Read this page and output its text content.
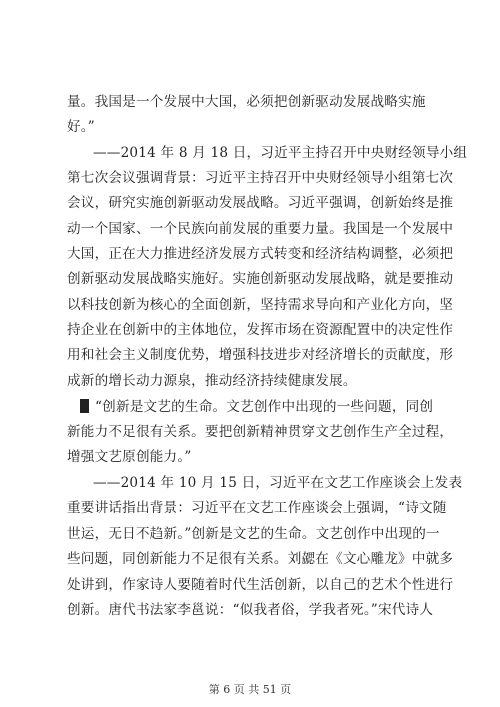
量。我国是一个发展中大国，必须把创新驱动发展战略实施
好。”
——2014 年 8 月 18 日，习近平主持召开中央财经领导小组
第七次会议强调背景：习近平主持召开中央财经领导小组第七次
会议，研究实施创新驱动发展战略。习近平强调，创新始终是推
动一个国家、一个民族向前发展的重要力量。我国是一个发展中
大国，正在大力推进经济发展方式转变和经济结构调整，必须把
创新驱动发展战略实施好。实施创新驱动发展战略，就是要推动
以科技创新为核心的全面创新，坚持需求导向和产业化方向，坚
持企业在创新中的主体地位，发挥市场在资源配置中的决定性作
用和社会主义制度优势，增强科技进步对经济增长的贡献度，形
成新的增长动力源泉，推动经济持续健康发展。
“创新是文艺的生命。文艺创作中出现的一些问题，同创
新能力不足很有关系。要把创新精神贯穿文艺创作生产全过程，
增强文艺原创能力。”
——2014 年 10 月 15 日，习近平在文艺工作座谈会上发表
重要讲话指出背景：习近平在文艺工作座谈会上强调，“诗文随
世运，无日不趋新。”创新是文艺的生命。文艺创作中出现的一
些问题，同创新能力不足很有关系。刘勰在《文心雕龙》中就多
处讲到，作家诗人要随着时代生活创新，以自己的艺术个性进行
创新。唐代书法家李邕说：“似我者俗，学我者死。”宋代诗人
第 6 页 共 51 页
